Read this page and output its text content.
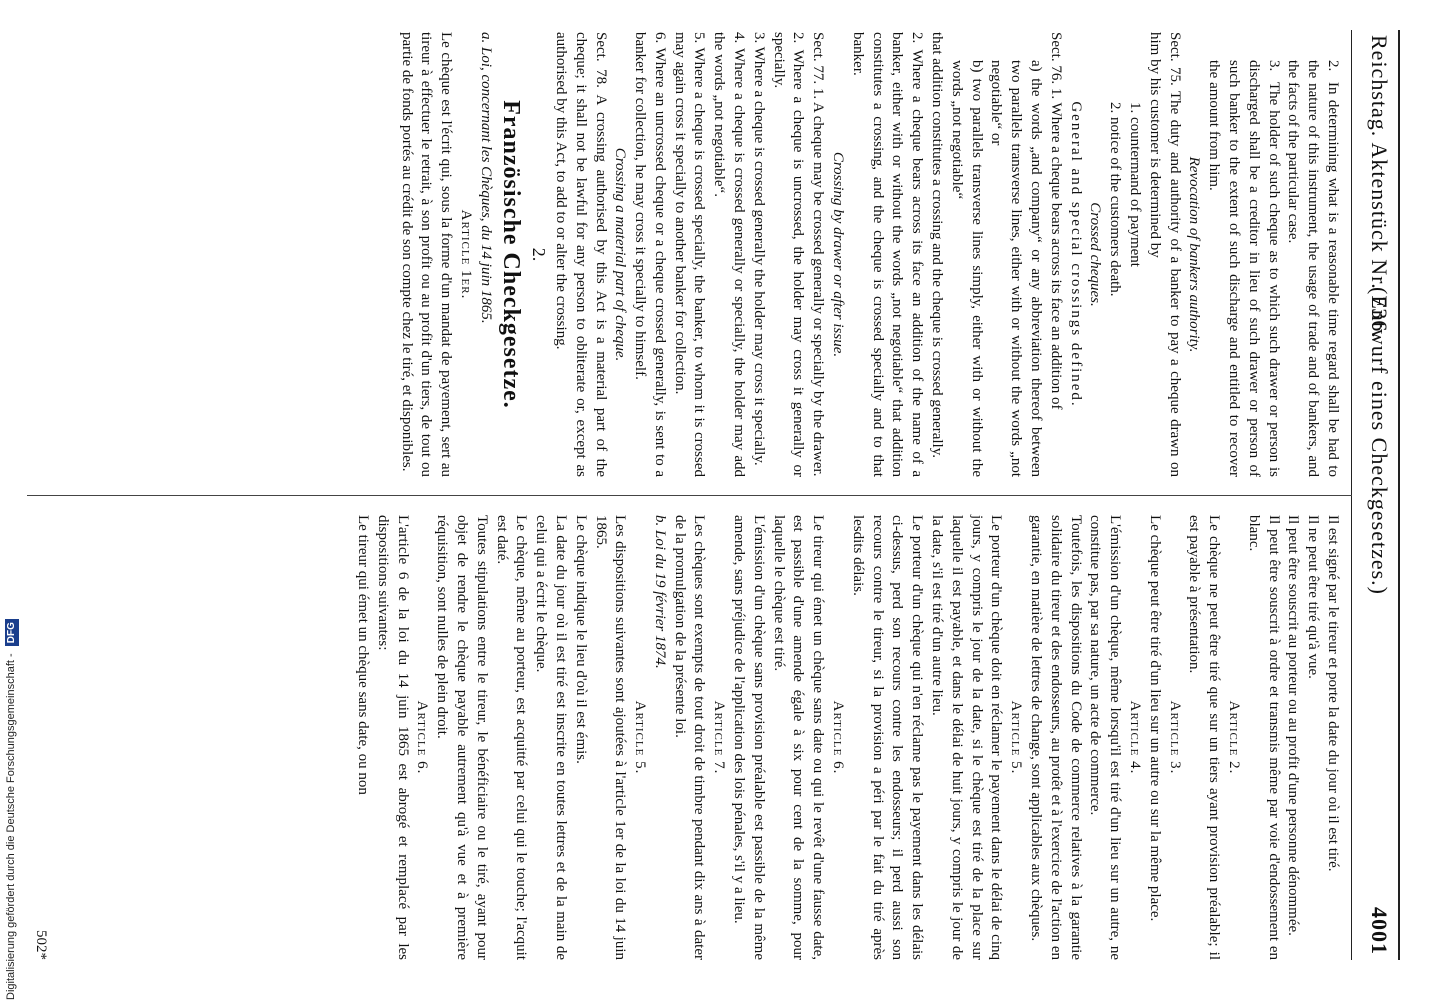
Reichstag. Aktenstück Nr. 736.
(Entwurf eines Checkgesetzes.)                                                4001

2.In determining what is a reasonable time regard shall be had to the nature of this instrument, the usage of trade and of bankers, and the facts of the particular case.

3.The holder of such cheque as to which such drawer or person is discharged shall be a creditor in lieu of such drawer or person of such banker to the extent of such discharge and entitled to recover the amount from him.

Revocation of bankers authority.

Sect. 75. The duty and authority of a banker to pay a cheque drawn on him by his customer is determined by

1. countermand of payment

2. notice of the customers death.

Crossed cheques.

General and special crossings defined.

Sect. 76. 1. Where a cheque bears across its face an addition of

a) the words „and company“ or any abbreviation thereof between two parallels transverse lines, either with or without the words „not negotiable“ or

b) two parallels transverse lines simply, either with or without the words „not negotiable“

that addition constitutes a crossing and the cheque is crossed generally.

2. Where a cheque bears across its face an addition of the name of a banker, either with or without the words „not negotiable“ that addition constitutes a crossing, and the cheque is crossed specially and to that banker.

Crossing by drawer or after issue.

Sect. 77. 1. A cheque may be crossed generally or specially by the drawer.

2. Where a cheque is uncrossed, the holder may cross it generally or specially.

3. Where a cheque is crossed generally the holder may cross it specially.

4. Where a cheque is crossed generally or specially, the holder may add the words „not negotiable“.

5. Where a cheque is crossed specially, the banker, to whom it is crossed may again cross it specially to another banker for collection.

6. Where an uncrossed cheque or a cheque crossed generally, is sent to a banker for collection, he may cross it specially to himself.

Crossing a material part of cheque.

Sect. 78. A crossing authorised by this Act is a material part of the cheque; it shall not be lawful for any person to obliterate or, except as authorised by this Act, to add to or alter the crossing.

2.

Französische Checkgesetze.

a. Loi, concernant les Chèques, du 14 juin 1865.

Article 1er.

Le chèque est l'écrit qui, sous la forme d'un mandat de payement, sert au tireur à effectuer le retrait, à son profit ou au profit d'un tiers, de tout ou partie de fonds portés au crédit de son compte chez le tiré, et disponibles.

Il est signé par le tireur et porte la date du jour où il est tiré.

Il ne peut être tiré qu'à vue.

Il peut être souscrit au porteur ou au profit d'une personne dénommée.

Il peut être souscrit à ordre et transmis même par voie d'endossement en blanc.

Article 2.

Le chèque ne peut être tiré que sur un tiers ayant provision préalable; il est payable à présentation.

Article 3.

Le chèque peut être tiré d'un lieu sur un autre ou sur la même place.

Article 4.

L'émission d'un chèque, même lorsqu'il est tiré d'un lieu sur un autre, ne constitue pas, par sa nature, un acte de commerce.

Toutefois, les dispositions du Code de commerce relatives à la garantie solidaire du tireur et des endosseurs, au protêt et à l'exercice de l'action en garantie, en matière de lettres de change, sont applicables aux chèques.

Article 5.

Le porteur d'un chèque doit en réclamer le payement dans le délai de cinq jours, y compris le jour de la date, si le chèque est tiré de la place sur laquelle il est payable, et dans le délai de huit jours, y compris le jour de la date, s'il est tiré d'un autre lieu.

Le porteur d'un chèque qui n'en réclame pas le payement dans les délais ci-dessus, perd son recours contre les endosseurs; il perd aussi son recours contre le tireur, si la provision a péri par le fait du tiré après lesdits délais.

Article 6.

Le tireur qui émet un chèque sans date ou qui le revêt d'une fausse date, est passible d'une amende égale à six pour cent de la somme, pour laquelle le chèque est tiré.

L'émission d'un chèque sans provision préalable est passible de la même amende, sans préjudice de l'application des lois pénales, s'il y a lieu.

Article 7.

Les chèques sont exempts de tout droit de timbre pendant dix ans à dater de la promulgation de la présente loi.

b. Loi du 19 février 1874.

Article 5.

Les dispositions suivantes sont ajoutées à l'article 1er de la loi du 14 juin 1865.

Le chèque indique le lieu d'où il est émis.

La date du jour où il est tiré est inscrite en toutes lettres et de la main de celui qui a écrit le chèque.

Le chèque, même au porteur, est acquitté par celui qui le touche; l'acquit est daté.

Toutes stipulations entre le tireur, le bénéficiaire ou le tiré, ayant pour objet de rendre le chèque payable autrement qu'à vue et à première réquisition, sont nulles de plein droit.

Article 6.

L'article 6 de la loi du 14 juin 1865 est abrogé et remplacé par les dispositions suivantes:

Le tireur qui émet un chèque sans date, ou non

502*
Digitalisierung gefördert durch die Deutsche Forschungsgemeinschaft - DFG
